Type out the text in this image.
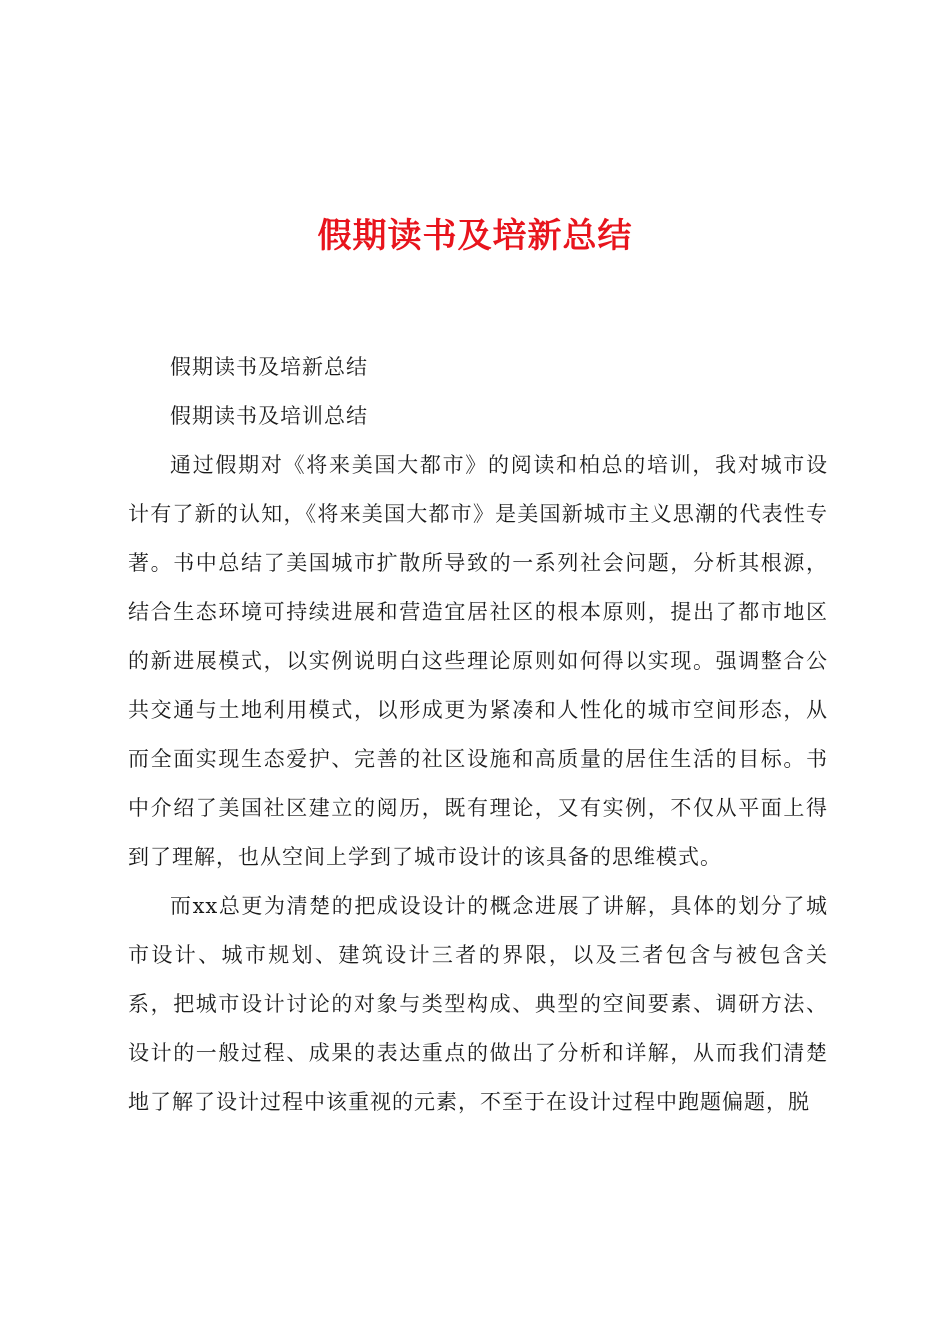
假期读书及培新总结

假期读书及培新总结

假期读书及培训总结

通过假期对《将来美国大都市》的阅读和柏总的培训，我对城市设计有了新的认知，《将来美国大都市》是美国新城市主义思潮的代表性专著。书中总结了美国城市扩散所导致的一系列社会问题，分析其根源，结合生态环境可持续进展和营造宜居社区的根本原则，提出了都市地区的新进展模式，以实例说明白这些理论原则如何得以实现。强调整合公共交通与土地利用模式，以形成更为紧凑和人性化的城市空间形态，从而全面实现生态爱护、完善的社区设施和高质量的居住生活的目标。书中介绍了美国社区建立的阅历，既有理论，又有实例，不仅从平面上得到了理解，也从空间上学到了城市设计的该具备的思维模式。

而xx总更为清楚的把成设设计的概念进展了讲解，具体的划分了城市设计、城市规划、建筑设计三者的界限，以及三者包含与被包含关系，把城市设计讨论的对象与类型构成、典型的空间要素、调研方法、设计的一般过程、成果的表达重点的做出了分析和详解，从而我们清楚地了解了设计过程中该重视的元素，不至于在设计过程中跑题偏题，脱
